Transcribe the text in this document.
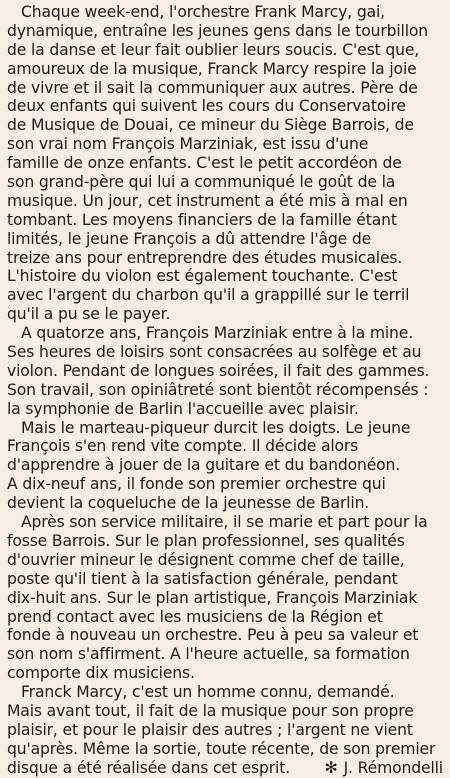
Chaque week-end, l'orchestre Frank Marcy, gai,
dynamique, entraîne les jeunes gens dans le tourbillon
de la danse et leur fait oublier leurs soucis. C'est que,
amoureux de la musique, Franck Marcy respire la joie
de vivre et il sait la communiquer aux autres. Père de
deux enfants qui suivent les cours du Conservatoire
de Musique de Douai, ce mineur du Siège Barrois, de
son vrai nom François Marziniak, est issu d'une
famille de onze enfants. C'est le petit accordéon de
son grand-père qui lui a communiqué le goût de la
musique. Un jour, cet instrument a été mis à mal en
tombant. Les moyens financiers de la famille étant
limités, le jeune François a dû attendre l'âge de
treize ans pour entreprendre des études musicales.
L'histoire du violon est également touchante. C'est
avec l'argent du charbon qu'il a grappillé sur le terril
qu'il a pu se le payer.
A quatorze ans, François Marziniak entre à la mine.
Ses heures de loisirs sont consacrées au solfège et au
violon. Pendant de longues soirées, il fait des gammes.
Son travail, son opiniâtreté sont bientôt récompensés :
la symphonie de Barlin l'accueille avec plaisir.
Mais le marteau-piqueur durcit les doigts. Le jeune
François s'en rend vite compte. Il décide alors
d'apprendre à jouer de la guitare et du bandonéon.
A dix-neuf ans, il fonde son premier orchestre qui
devient la coqueluche de la jeunesse de Barlin.
Après son service militaire, il se marie et part pour la
fosse Barrois. Sur le plan professionnel, ses qualités
d'ouvrier mineur le désignent comme chef de taille,
poste qu'il tient à la satisfaction générale, pendant
dix-huit ans. Sur le plan artistique, François Marziniak
prend contact avec les musiciens de la Région et
fonde à nouveau un orchestre. Peu à peu sa valeur et
son nom s'affirment. A l'heure actuelle, sa formation
comporte dix musiciens.
Franck Marcy, c'est un homme connu, demandé.
Mais avant tout, il fait de la musique pour son propre
plaisir, et pour le plaisir des autres ; l'argent ne vient
qu'après. Même la sortie, toute récente, de son premier
disque a été réalisée dans cet esprit. ✻ J. Rémondelli
